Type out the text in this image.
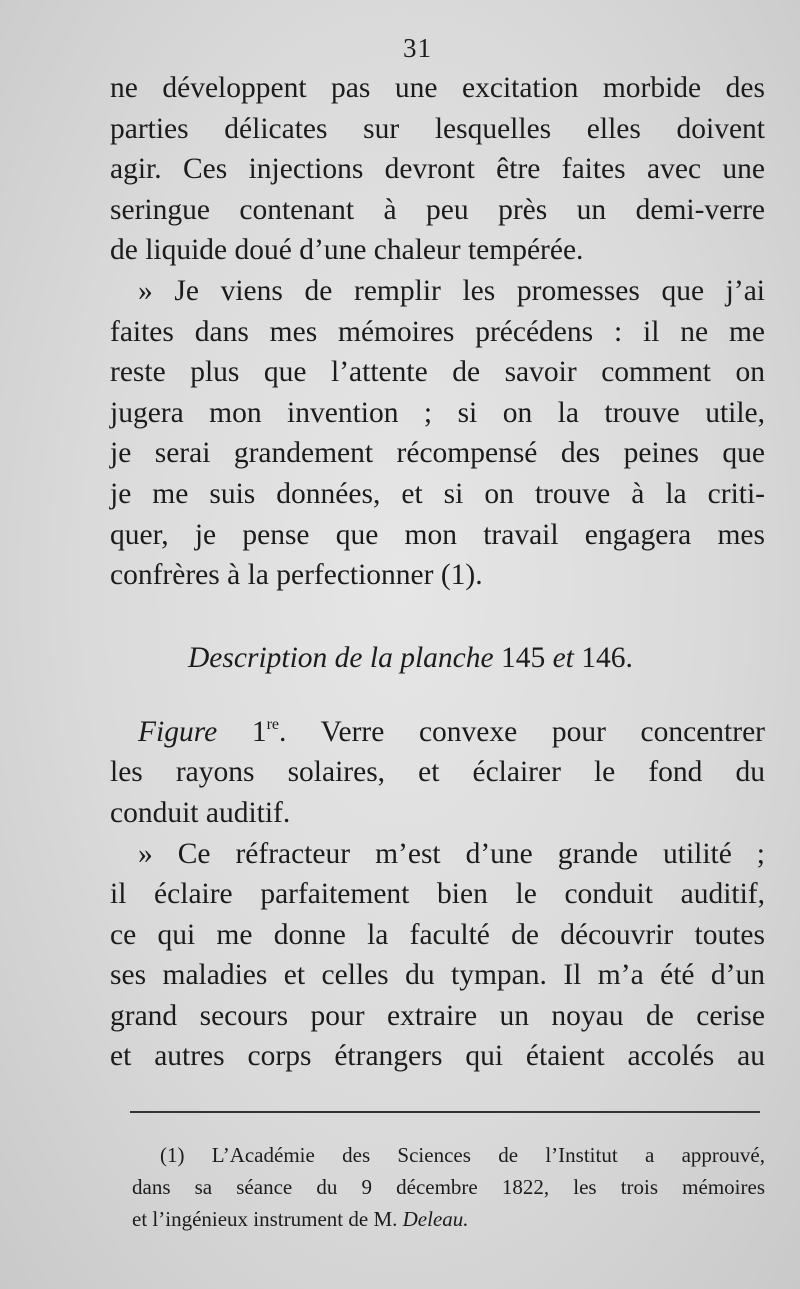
31
ne développent pas une excitation morbide des
parties délicates sur lesquelles elles doivent
agir. Ces injections devront être faites avec une
seringue contenant à peu près un demi-verre
de liquide doué d’une chaleur tempérée.
» Je viens de remplir les promesses que j’ai
faites dans mes mémoires précédens : il ne me
reste plus que l’attente de savoir comment on
jugera mon invention ; si on la trouve utile,
je serai grandement récompensé des peines que
je me suis données, et si on trouve à la criti-
quer, je pense que mon travail engagera mes
confrères à la perfectionner (1).
Description de la planche 145 et 146.
Figure 1re. Verre convexe pour concentrer
les rayons solaires, et éclairer le fond du
conduit auditif.
» Ce réfracteur m’est d’une grande utilité ;
il éclaire parfaitement bien le conduit auditif,
ce qui me donne la faculté de découvrir toutes
ses maladies et celles du tympan. Il m’a été d’un
grand secours pour extraire un noyau de cerise
et autres corps étrangers qui étaient accolés au
(1) L’Académie des Sciences de l’Institut a approuvé,
dans sa séance du 9 décembre 1822, les trois mémoires
et l’ingénieux instrument de M. Deleau.
